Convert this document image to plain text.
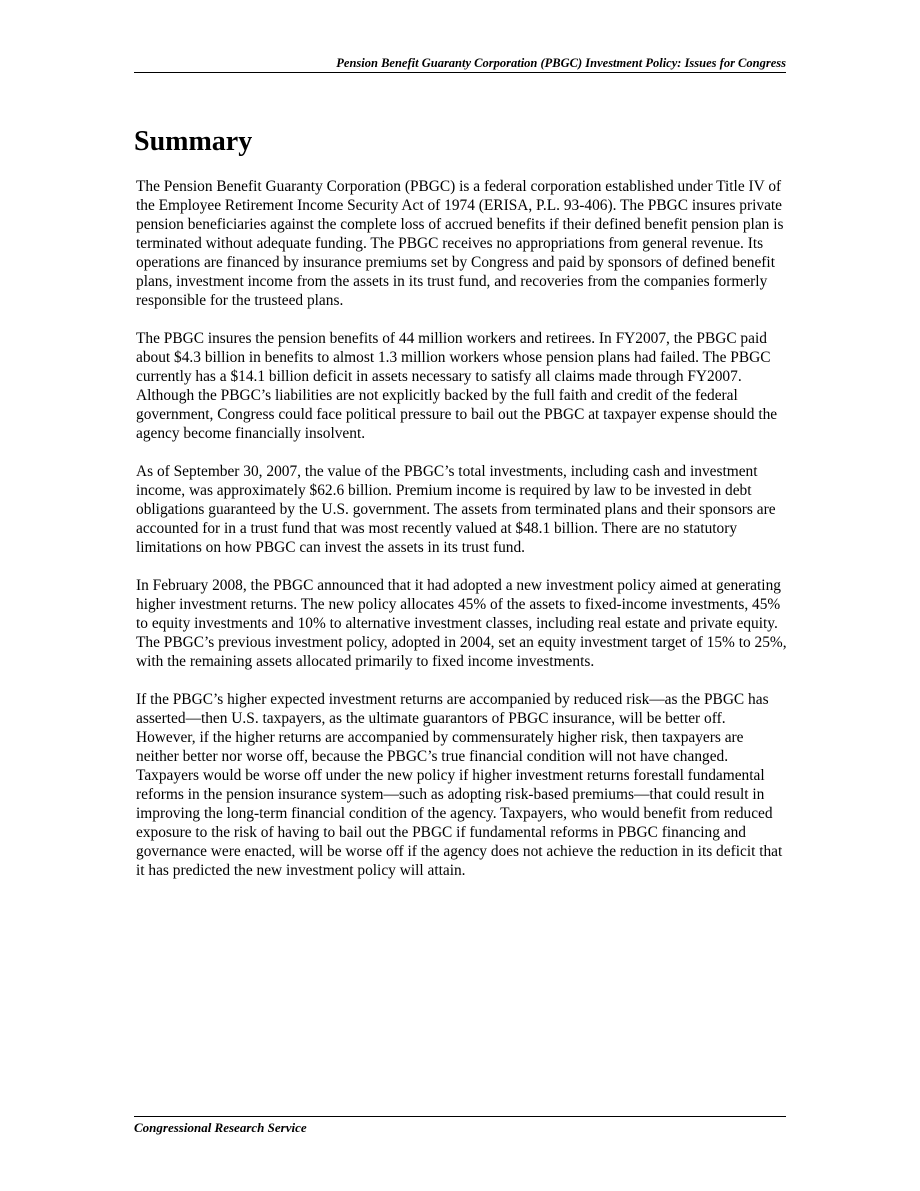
Pension Benefit Guaranty Corporation (PBGC) Investment Policy: Issues for Congress
Summary

The Pension Benefit Guaranty Corporation (PBGC) is a federal corporation established under Title IV of the Employee Retirement Income Security Act of 1974 (ERISA, P.L. 93-406). The PBGC insures private pension beneficiaries against the complete loss of accrued benefits if their defined benefit pension plan is terminated without adequate funding. The PBGC receives no appropriations from general revenue. Its operations are financed by insurance premiums set by Congress and paid by sponsors of defined benefit plans, investment income from the assets in its trust fund, and recoveries from the companies formerly responsible for the trusteed plans.

The PBGC insures the pension benefits of 44 million workers and retirees. In FY2007, the PBGC paid about $4.3 billion in benefits to almost 1.3 million workers whose pension plans had failed. The PBGC currently has a $14.1 billion deficit in assets necessary to satisfy all claims made through FY2007. Although the PBGC’s liabilities are not explicitly backed by the full faith and credit of the federal government, Congress could face political pressure to bail out the PBGC at taxpayer expense should the agency become financially insolvent.

As of September 30, 2007, the value of the PBGC’s total investments, including cash and investment income, was approximately $62.6 billion. Premium income is required by law to be invested in debt obligations guaranteed by the U.S. government. The assets from terminated plans and their sponsors are accounted for in a trust fund that was most recently valued at $48.1 billion. There are no statutory limitations on how PBGC can invest the assets in its trust fund.

In February 2008, the PBGC announced that it had adopted a new investment policy aimed at generating higher investment returns. The new policy allocates 45% of the assets to fixed-income investments, 45% to equity investments and 10% to alternative investment classes, including real estate and private equity. The PBGC’s previous investment policy, adopted in 2004, set an equity investment target of 15% to 25%, with the remaining assets allocated primarily to fixed income investments.

If the PBGC’s higher expected investment returns are accompanied by reduced risk—as the PBGC has asserted—then U.S. taxpayers, as the ultimate guarantors of PBGC insurance, will be better off. However, if the higher returns are accompanied by commensurately higher risk, then taxpayers are neither better nor worse off, because the PBGC’s true financial condition will not have changed. Taxpayers would be worse off under the new policy if higher investment returns forestall fundamental reforms in the pension insurance system—such as adopting risk-based premiums—that could result in improving the long-term financial condition of the agency. Taxpayers, who would benefit from reduced exposure to the risk of having to bail out the PBGC if fundamental reforms in PBGC financing and governance were enacted, will be worse off if the agency does not achieve the reduction in its deficit that it has predicted the new investment policy will attain.

Congressional Research Service
